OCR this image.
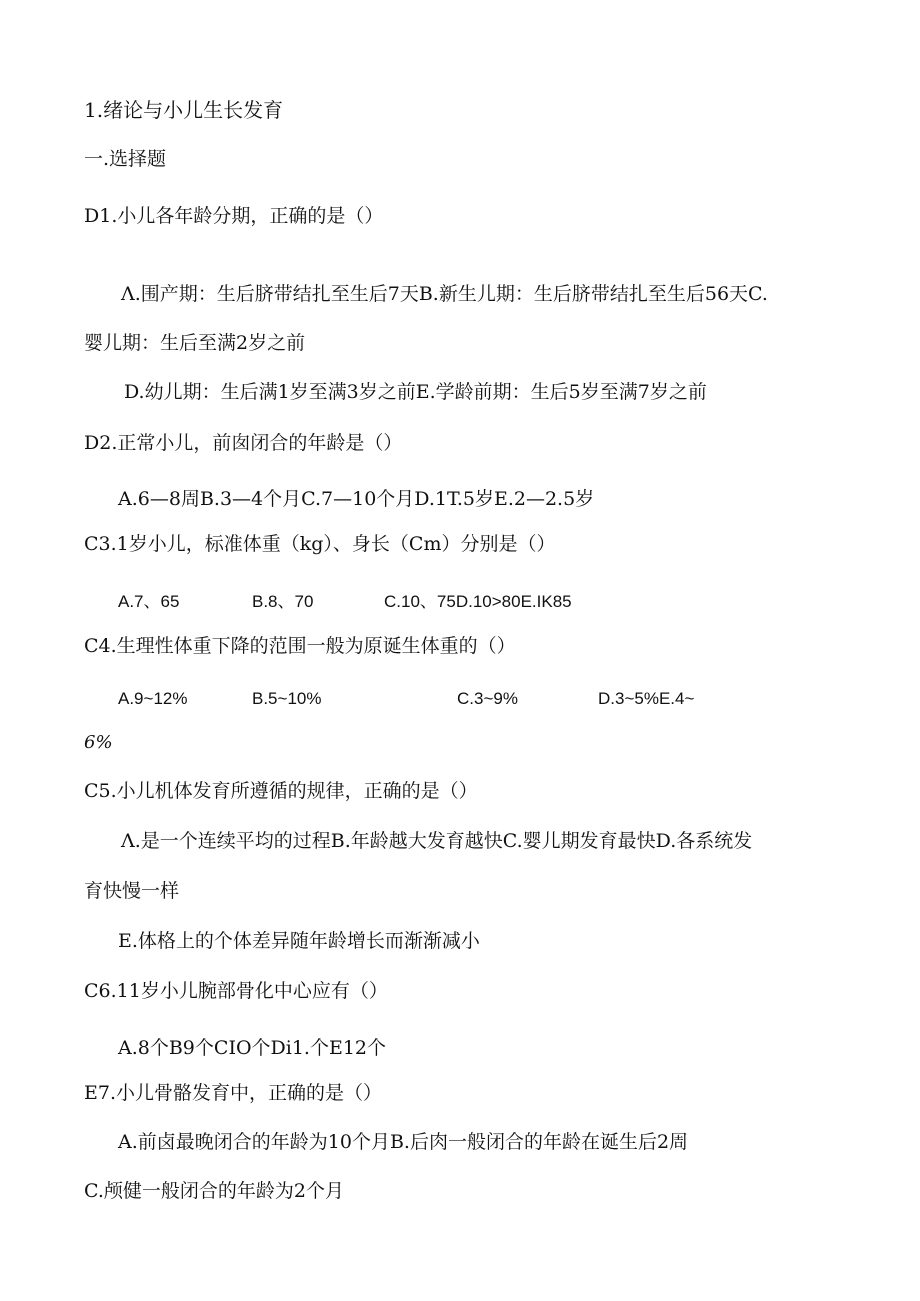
1.绪论与小儿生长发育
一.选择题
D1.小儿各年龄分期，正确的是（）
Λ.围产期：生后脐带结扎至生后7天B.新生儿期：生后脐带结扎至生后56天C.
婴儿期：生后至满2岁之前
D.幼儿期：生后满1岁至满3岁之前E.学龄前期：生后5岁至满7岁之前
D2.正常小儿，前囱闭合的年龄是（）
A.6—8周B.3—4个月C.7—10个月D.1T.5岁E.2—2.5岁
C3.1岁小儿，标准体重（kg）、身长（Cm）分别是（）
A.7、65	B.8、70	C.10、75D.10>80E.IK85
C4.生理性体重下降的范围一般为原诞生体重的（）
A.9~12%	B.5~10%	C.3~9%	D.3~5%E.4~
6%
C5.小儿机体发育所遵循的规律，正确的是（）
Λ.是一个连续平均的过程B.年龄越大发育越快C.婴儿期发育最快D.各系统发
育快慢一样
E.体格上的个体差异随年龄增长而渐渐减小
C6.11岁小儿腕部骨化中心应有（）
A.8个B9个CIO个Di1.个E12个
E7.小儿骨骼发育中，正确的是（）
A.前卤最晚闭合的年龄为10个月B.后肉一般闭合的年龄在诞生后2周
C.颅健一般闭合的年龄为2个月
